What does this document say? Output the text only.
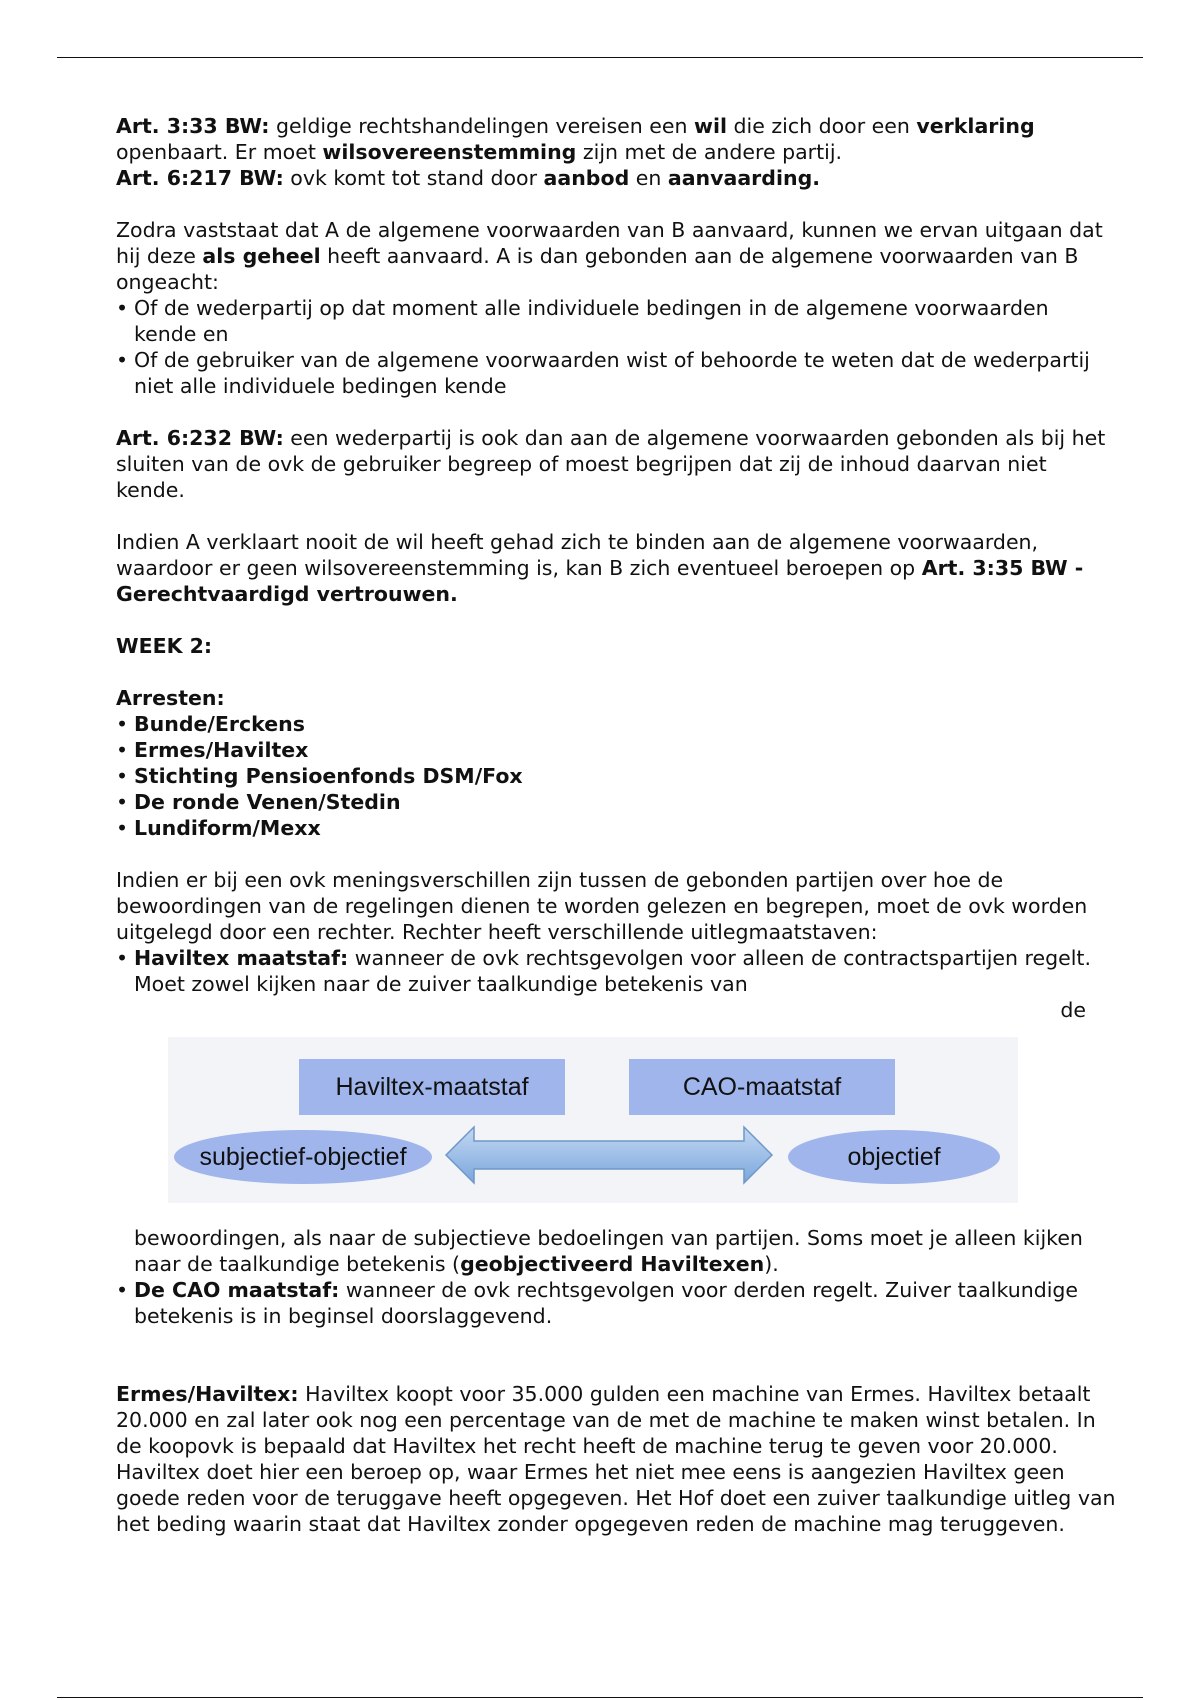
Art. 3:33 BW: geldige rechtshandelingen vereisen een wil die zich door een verklaring openbaart. Er moet wilsovereenstemming zijn met de andere partij.

Art. 6:217 BW: ovk komt tot stand door aanbod en aanvaarding.

Zodra vaststaat dat A de algemene voorwaarden van B aanvaard, kunnen we ervan uitgaan dat hij deze als geheel heeft aanvaard. A is dan gebonden aan de algemene voorwaarden van B ongeacht:

• Of de wederpartij op dat moment alle individuele bedingen in de algemene voorwaarden kende en
• Of de gebruiker van de algemene voorwaarden wist of behoorde te weten dat de wederpartij niet alle individuele bedingen kende

Art. 6:232 BW: een wederpartij is ook dan aan de algemene voorwaarden gebonden als bij het sluiten van de ovk de gebruiker begreep of moest begrijpen dat zij de inhoud daarvan niet kende.

Indien A verklaart nooit de wil heeft gehad zich te binden aan de algemene voorwaarden, waardoor er geen wilsovereenstemming is, kan B zich eventueel beroepen op Art. 3:35 BW - Gerechtvaardigd vertrouwen.

WEEK 2:

Arresten:

• Bunde/Erckens
• Ermes/Haviltex
• Stichting Pensioenfonds DSM/Fox
• De ronde Venen/Stedin
• Lundiform/Mexx

Indien er bij een ovk meningsverschillen zijn tussen de gebonden partijen over hoe de bewoordingen van de regelingen dienen te worden gelezen en begrepen, moet de ovk worden uitgelegd door een rechter. Rechter heeft verschillende uitlegmaatstaven:

• Haviltex maatstaf: wanneer de ovk rechtsgevolgen voor alleen de contractspartijen regelt. Moet zowel kijken naar de zuiver taalkundige betekenis van
de
Haviltex-maatstaf	CAO-maatstaf
subjectief-objectief	objectief
bewoordingen, als naar de subjectieve bedoelingen van partijen. Soms moet je alleen kijken naar de taalkundige betekenis (geobjectiveerd Haviltexen).
• De CAO maatstaf: wanneer de ovk rechtsgevolgen voor derden regelt. Zuiver taalkundige betekenis is in beginsel doorslaggevend.

Ermes/Haviltex: Haviltex koopt voor 35.000 gulden een machine van Ermes. Haviltex betaalt 20.000 en zal later ook nog een percentage van de met de machine te maken winst betalen. In de koopovk is bepaald dat Haviltex het recht heeft de machine terug te geven voor 20.000. Haviltex doet hier een beroep op, waar Ermes het niet mee eens is aangezien Haviltex geen goede reden voor de teruggave heeft opgegeven. Het Hof doet een zuiver taalkundige uitleg van het beding waarin staat dat Haviltex zonder opgegeven reden de machine mag teruggeven.
